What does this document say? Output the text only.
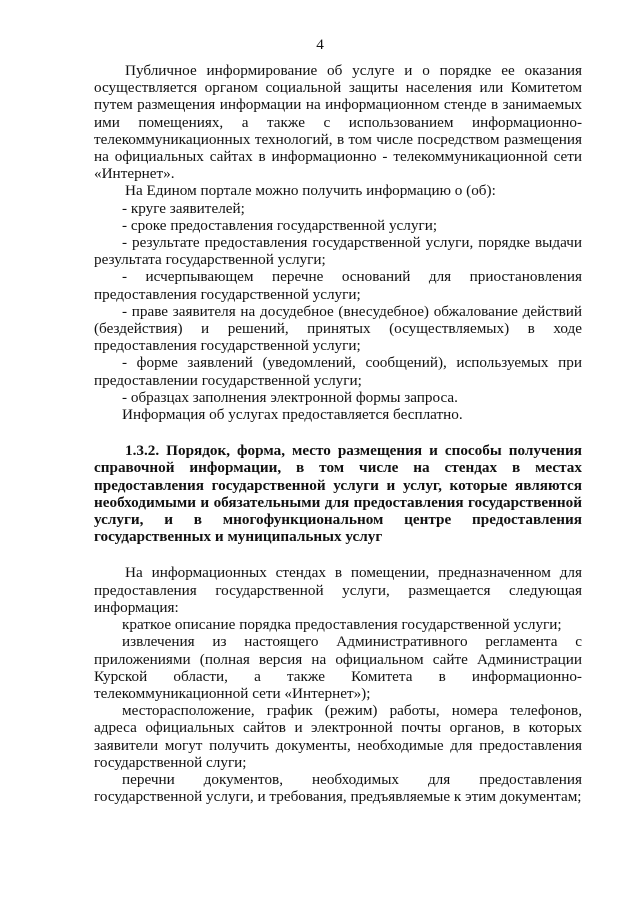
4

Публичное информирование об услуге и о порядке ее оказания осуществляется органом социальной защиты населения или Комитетом путем размещения информации на информационном стенде в занимаемых ими помещениях, а также с использованием информационно-телекоммуникационных технологий, в том числе посредством размещения на официальных сайтах в информационно - телекоммуникационной сети «Интернет».

На Едином портале можно получить информацию о (об):

- круге заявителей;

- сроке предоставления государственной услуги;

- результате предоставления государственной услуги, порядке выдачи результата государственной услуги;

- исчерпывающем перечне оснований для приостановления предоставления государственной услуги;

- праве заявителя на досудебное (внесудебное) обжалование действий (бездействия) и решений, принятых (осуществляемых) в ходе предоставления государственной услуги;

- форме заявлений (уведомлений, сообщений), используемых при предоставлении государственной услуги;

- образцах заполнения электронной формы запроса.

Информация об услугах предоставляется бесплатно.

1.3.2. Порядок, форма, место размещения и способы получения справочной информации, в том числе на стендах в местах предоставления государственной услуги и услуг, которые являются необходимыми и обязательными для предоставления государственной услуги, и в многофункциональном центре предоставления государственных и муниципальных услуг

На информационных стендах в помещении, предназначенном для предоставления государственной услуги, размещается следующая информация:

краткое описание порядка предоставления государственной услуги;

извлечения из настоящего Административного регламента с приложениями (полная версия на официальном сайте Администрации Курской области, а также Комитета в информационно-телекоммуникационной сети «Интернет»);

месторасположение, график (режим) работы, номера телефонов, адреса официальных сайтов и электронной почты органов, в которых заявители могут получить документы, необходимые для предоставления государственной слуги;

перечни документов, необходимых для предоставления государственной услуги, и требования, предъявляемые к этим документам;
